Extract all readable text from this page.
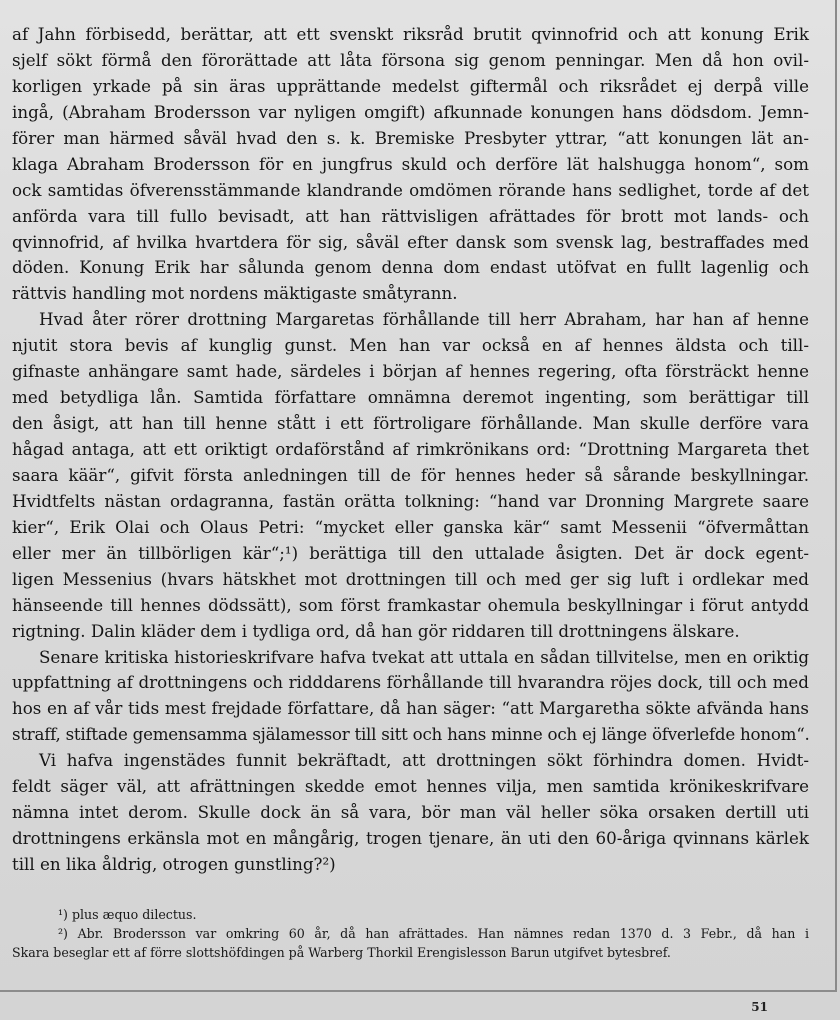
af Jahn förbisedd, berättar, att ett svenskt riksråd brutit qvinnofrid och att konung Erik
sjelf sökt förmå den förorättade att låta försona sig genom penningar. Men då hon ovil-
korligen yrkade på sin äras upprättande medelst giftermål och riksrådet ej derpå ville
ingå, (Abraham Brodersson var nyligen omgift) afkunnade konungen hans dödsdom. Jemn-
förer man härmed såväl hvad den s. k. Bremiske Presbyter yttrar, “att konungen lät an-
klaga Abraham Brodersson för en jungfrus skuld och derföre lät halshugga honom“, som
ock samtidas öfverensstämmande klandrande omdömen rörande hans sedlighet, torde af det
anförda vara till fullo bevisadt, att han rättvisligen afrättades för brott mot lands- och
qvinnofrid, af hvilka hvartdera för sig, såväl efter dansk som svensk lag, bestraffades med
döden. Konung Erik har sålunda genom denna dom endast utöfvat en fullt lagenlig och
rättvis handling mot nordens mäktigaste småtyrann.
Hvad åter rörer drottning Margaretas förhållande till herr Abraham, har han af henne
njutit stora bevis af kunglig gunst. Men han var också en af hennes äldsta och till-
gifnaste anhängare samt hade, särdeles i början af hennes regering, ofta försträckt henne
med betydliga lån. Samtida författare omnämna deremot ingenting, som berättigar till
den åsigt, att han till henne stått i ett förtroligare förhållande. Man skulle derföre vara
hågad antaga, att ett oriktigt ordaförstånd af rimkrönikans ord: “Drottning Margareta thet
saara käär“, gifvit första anledningen till de för hennes heder så sårande beskyllningar.
Hvidtfelts nästan ordagranna, fastän orätta tolkning: “hand var Dronning Margrete saare
kier“, Erik Olai och Olaus Petri: “mycket eller ganska kär“ samt Messenii “öfvermåttan
eller mer än tillbörligen kär“;¹) berättiga till den uttalade åsigten. Det är dock egent-
ligen Messenius (hvars hätskhet mot drottningen till och med ger sig luft i ordlekar med
hänseende till hennes dödssätt), som först framkastar ohemula beskyllningar i förut antydd
rigtning. Dalin kläder dem i tydliga ord, då han gör riddaren till drottningens älskare.
Senare kritiska historieskrifvare hafva tvekat att uttala en sådan tillvitelse, men en oriktig
uppfattning af drottningens och ridddarens förhållande till hvarandra röjes dock, till och med
hos en af vår tids mest frejdade författare, då han säger: “att Margaretha sökte afvända hans
straff, stiftade gemensamma själamessor till sitt och hans minne och ej länge öfverlefde honom“.
Vi hafva ingenstädes funnit bekräftadt, att drottningen sökt förhindra domen. Hvidt-
feldt säger väl, att afrättningen skedde emot hennes vilja, men samtida krönikeskrifvare
nämna intet derom. Skulle dock än så vara, bör man väl heller söka orsaken dertill uti
drottningens erkänsla mot en mångårig, trogen tjenare, än uti den 60-åriga qvinnans kärlek
till en lika åldrig, otrogen gunstling?²)
¹) plus æquo dilectus.
²) Abr. Brodersson var omkring 60 år, då han afrättades. Han nämnes redan 1370 d. 3 Febr., då han i
Skara beseglar ett af förre slottshöfdingen på Warberg Thorkil Erengislesson Barun utgifvet bytesbref.
51
